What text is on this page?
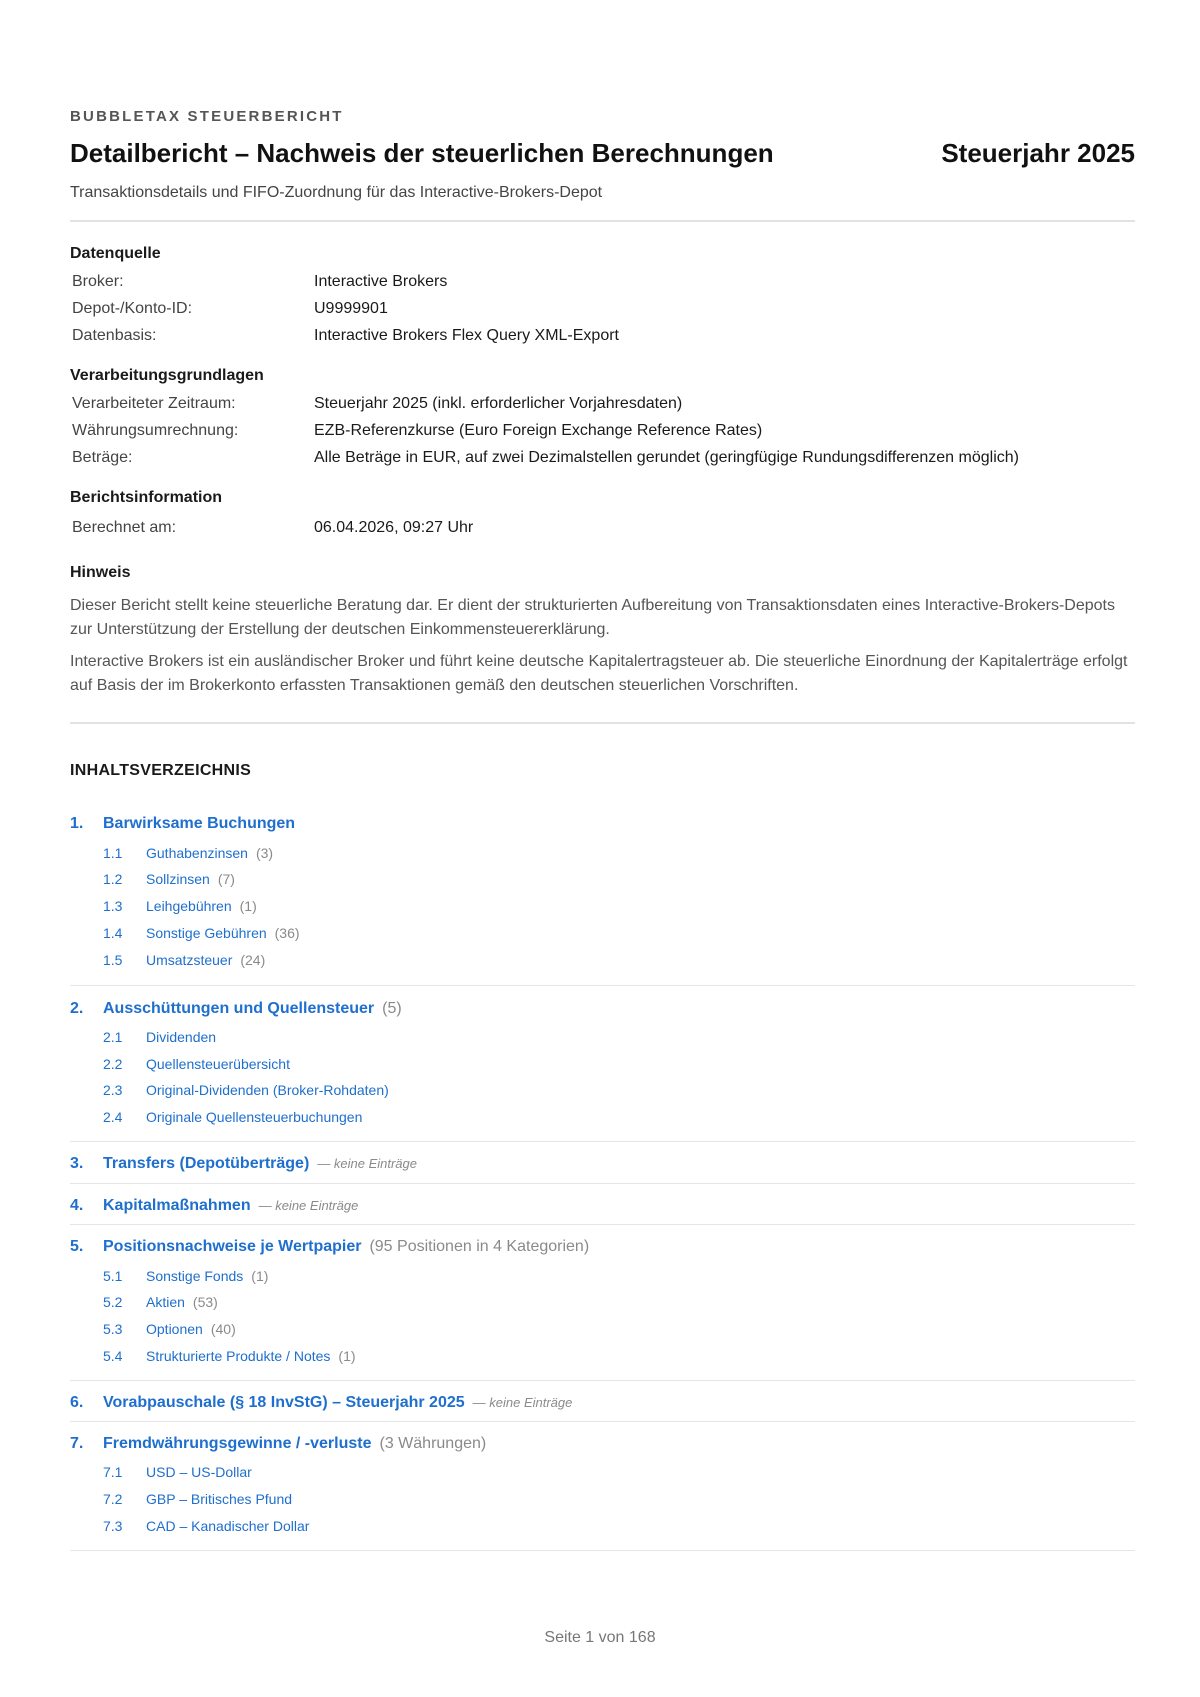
BUBBLETAX STEUERBERICHT
Detailbericht – Nachweis der steuerlichen Berechnungen	Steuerjahr 2025
Transaktionsdetails und FIFO-Zuordnung für das Interactive-Brokers-Depot
Datenquelle
Broker:	Interactive Brokers
Depot-/Konto-ID:	U9999901
Datenbasis:	Interactive Brokers Flex Query XML-Export
Verarbeitungsgrundlagen
Verarbeiteter Zeitraum:	Steuerjahr 2025 (inkl. erforderlicher Vorjahresdaten)
Währungsumrechnung:	EZB-Referenzkurse (Euro Foreign Exchange Reference Rates)
Beträge:	Alle Beträge in EUR, auf zwei Dezimalstellen gerundet (geringfügige Rundungsdifferenzen möglich)
Berichtsinformation
Berechnet am:	06.04.2026, 09:27 Uhr
Hinweis

Dieser Bericht stellt keine steuerliche Beratung dar. Er dient der strukturierten Aufbereitung von Transaktionsdaten eines Interactive-Brokers-Depots zur Unterstützung der Erstellung der deutschen Einkommensteuererklärung.

Interactive Brokers ist ein ausländischer Broker und führt keine deutsche Kapitalertragsteuer ab. Die steuerliche Einordnung der Kapitalerträge erfolgt auf Basis der im Brokerkonto erfassten Transaktionen gemäß den deutschen steuerlichen Vorschriften.

INHALTSVERZEICHNIS
1. Barwirksame Buchungen
1.1 Guthabenzinsen (3)
1.2 Sollzinsen (7)
1.3 Leihgebühren (1)
1.4 Sonstige Gebühren (36)
1.5 Umsatzsteuer (24)
2. Ausschüttungen und Quellensteuer (5)
2.1 Dividenden
2.2 Quellensteuerübersicht
2.3 Original-Dividenden (Broker-Rohdaten)
2.4 Originale Quellensteuerbuchungen
3. Transfers (Depotüberträge) — keine Einträge
4. Kapitalmaßnahmen — keine Einträge
5. Positionsnachweise je Wertpapier (95 Positionen in 4 Kategorien)
5.1 Sonstige Fonds (1)
5.2 Aktien (53)
5.3 Optionen (40)
5.4 Strukturierte Produkte / Notes (1)
6. Vorabpauschale (§ 18 InvStG) – Steuerjahr 2025 — keine Einträge
7. Fremdwährungsgewinne / -verluste (3 Währungen)
7.1 USD – US-Dollar
7.2 GBP – Britisches Pfund
7.3 CAD – Kanadischer Dollar
Seite 1 von 168
